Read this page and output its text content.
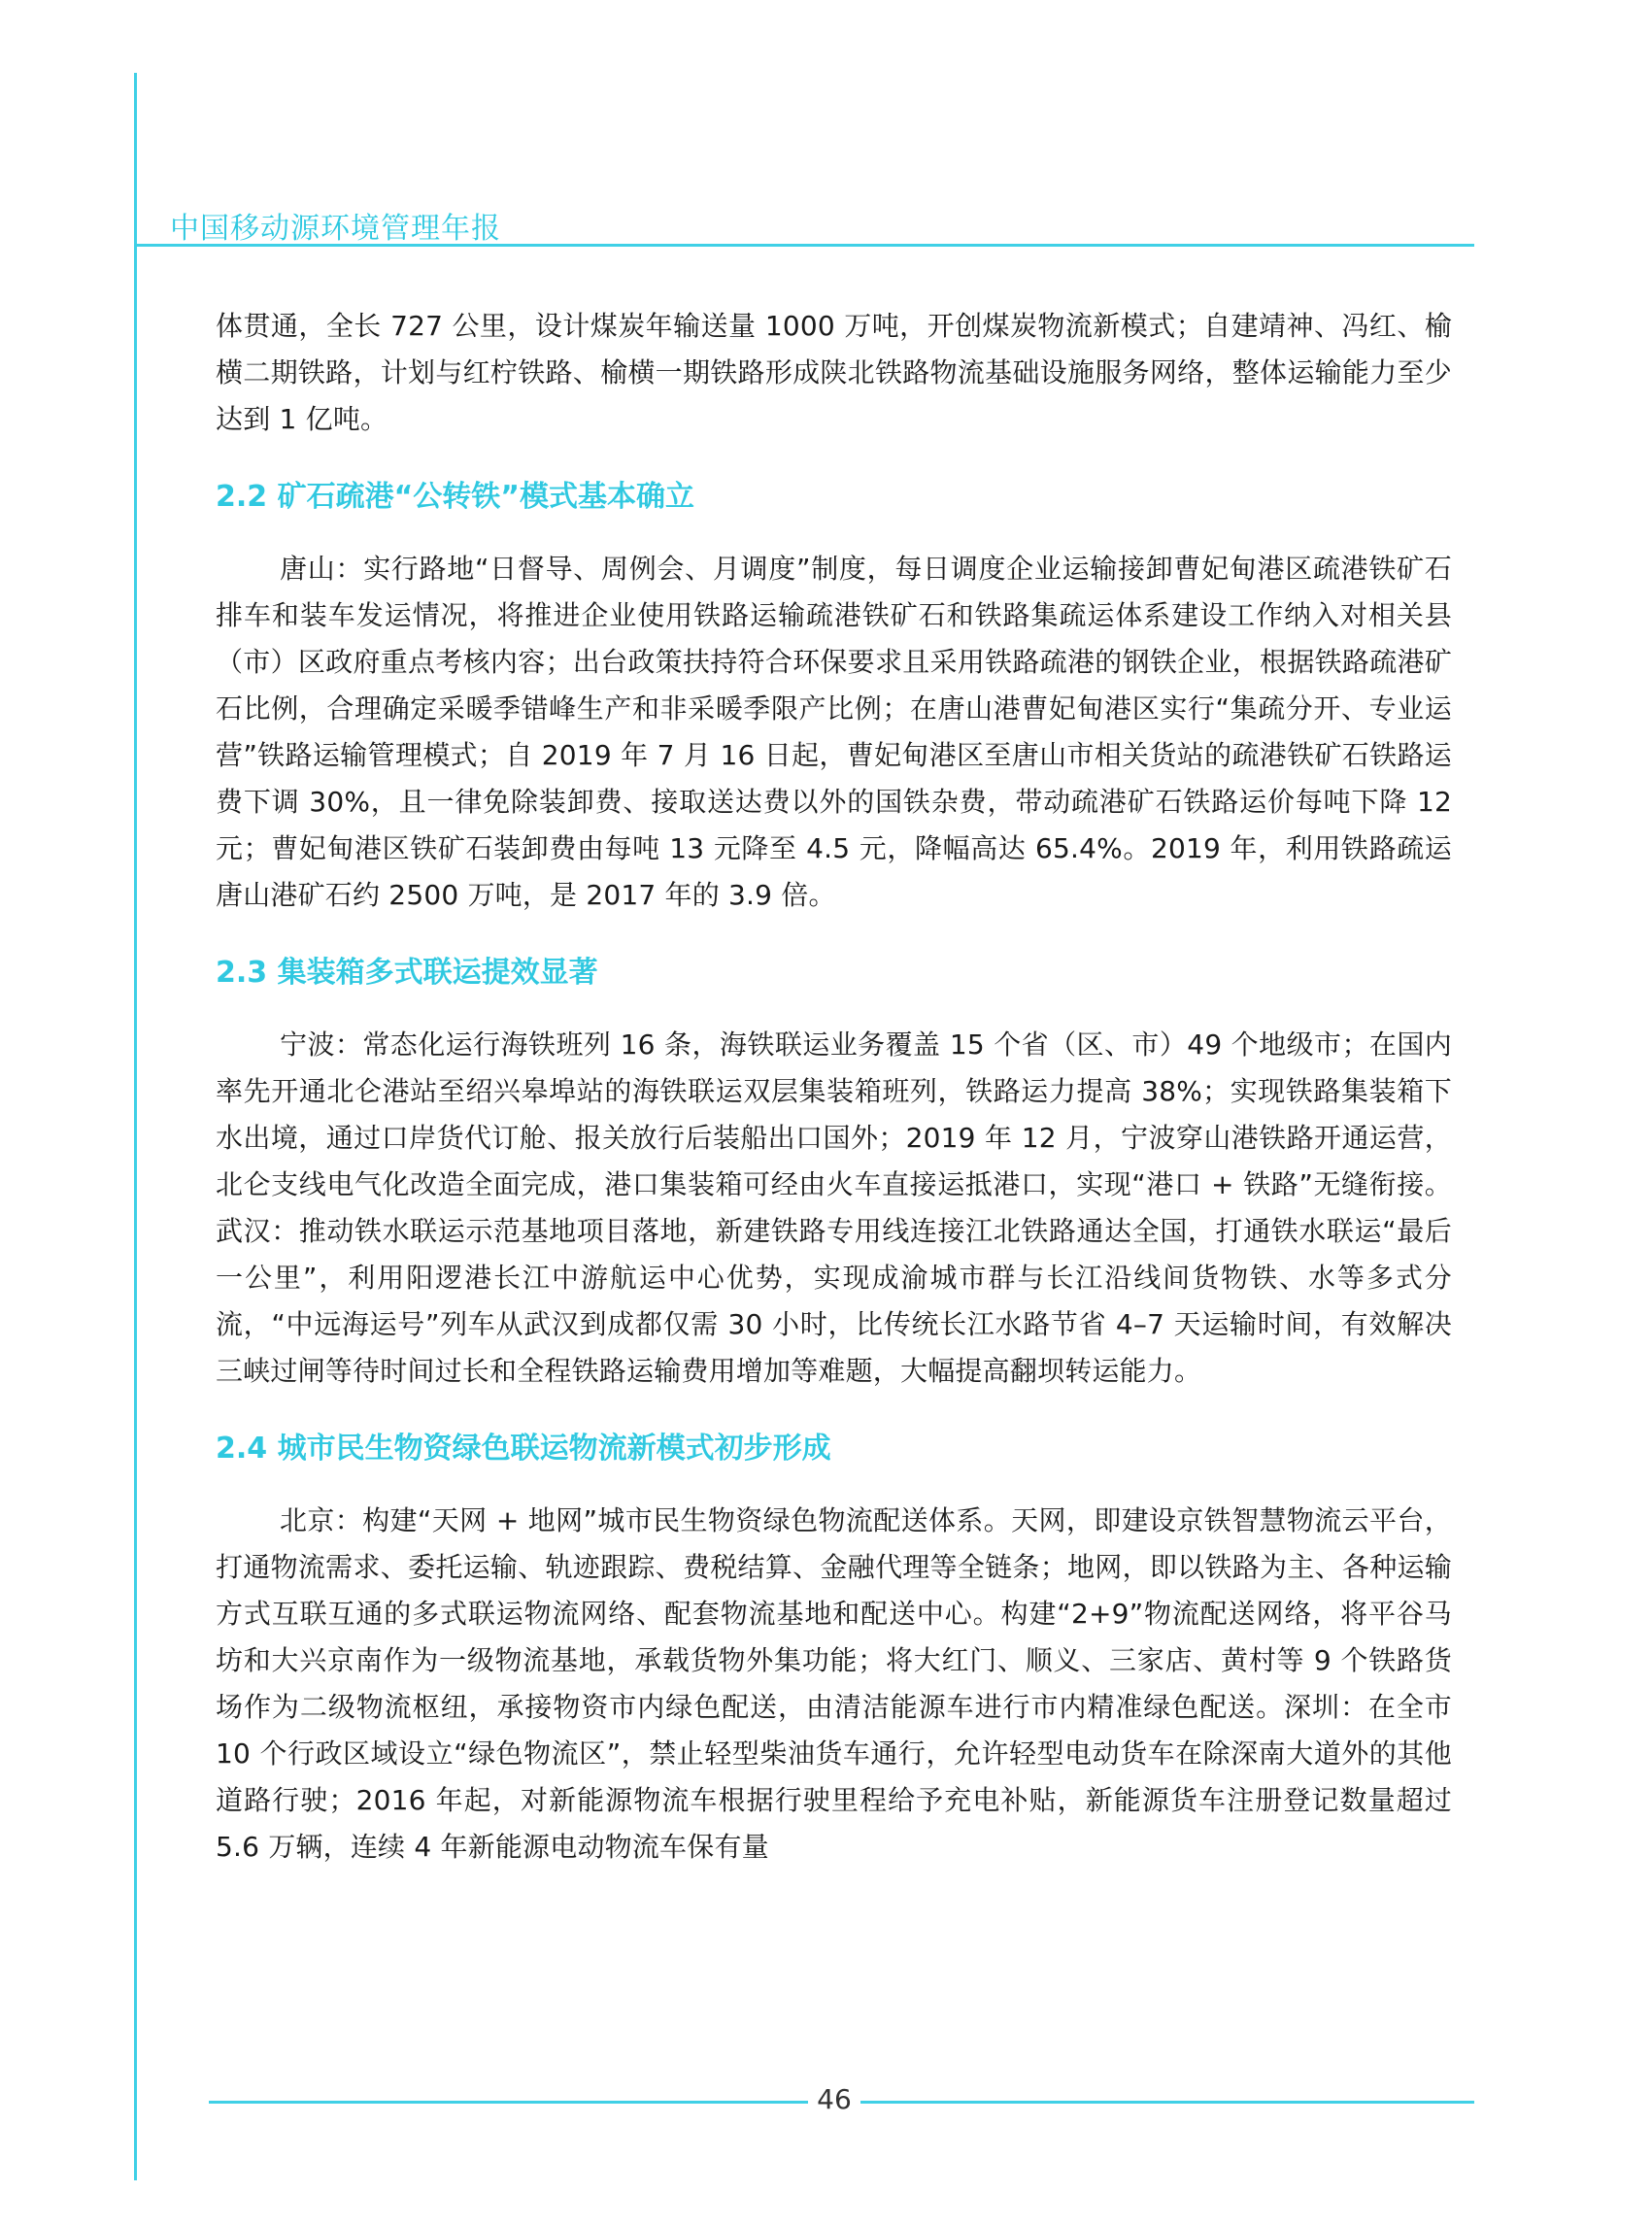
中国移动源环境管理年报

体贯通，全长 727 公里，设计煤炭年输送量 1000 万吨，开创煤炭物流新模式；自建靖神、冯红、榆横二期铁路，计划与红柠铁路、榆横一期铁路形成陕北铁路物流基础设施服务网络，整体运输能力至少达到 1 亿吨。

2.2 矿石疏港“公转铁”模式基本确立

唐山：实行路地“日督导、周例会、月调度”制度，每日调度企业运输接卸曹妃甸港区疏港铁矿石排车和装车发运情况，将推进企业使用铁路运输疏港铁矿石和铁路集疏运体系建设工作纳入对相关县（市）区政府重点考核内容；出台政策扶持符合环保要求且采用铁路疏港的钢铁企业，根据铁路疏港矿石比例，合理确定采暖季错峰生产和非采暖季限产比例；在唐山港曹妃甸港区实行“集疏分开、专业运营”铁路运输管理模式；自 2019 年 7 月 16 日起，曹妃甸港区至唐山市相关货站的疏港铁矿石铁路运费下调 30%，且一律免除装卸费、接取送达费以外的国铁杂费，带动疏港矿石铁路运价每吨下降 12 元；曹妃甸港区铁矿石装卸费由每吨 13 元降至 4.5 元，降幅高达 65.4%。2019 年，利用铁路疏运唐山港矿石约 2500 万吨，是 2017 年的 3.9 倍。

2.3 集装箱多式联运提效显著

宁波：常态化运行海铁班列 16 条，海铁联运业务覆盖 15 个省（区、市）49 个地级市；在国内率先开通北仑港站至绍兴皋埠站的海铁联运双层集装箱班列，铁路运力提高 38%；实现铁路集装箱下水出境，通过口岸货代订舱、报关放行后装船出口国外；2019 年 12 月，宁波穿山港铁路开通运营，北仑支线电气化改造全面完成，港口集装箱可经由火车直接运抵港口，实现“港口 + 铁路”无缝衔接。武汉：推动铁水联运示范基地项目落地，新建铁路专用线连接江北铁路通达全国，打通铁水联运“最后一公里”，利用阳逻港长江中游航运中心优势，实现成渝城市群与长江沿线间货物铁、水等多式分流，“中远海运号”列车从武汉到成都仅需 30 小时，比传统长江水路节省 4–7 天运输时间，有效解决三峡过闸等待时间过长和全程铁路运输费用增加等难题，大幅提高翻坝转运能力。

2.4 城市民生物资绿色联运物流新模式初步形成

北京：构建“天网 + 地网”城市民生物资绿色物流配送体系。天网，即建设京铁智慧物流云平台，打通物流需求、委托运输、轨迹跟踪、费税结算、金融代理等全链条；地网，即以铁路为主、各种运输方式互联互通的多式联运物流网络、配套物流基地和配送中心。构建“2+9”物流配送网络，将平谷马坊和大兴京南作为一级物流基地，承载货物外集功能；将大红门、顺义、三家店、黄村等 9 个铁路货场作为二级物流枢纽，承接物资市内绿色配送，由清洁能源车进行市内精准绿色配送。深圳：在全市 10 个行政区域设立“绿色物流区”，禁止轻型柴油货车通行，允许轻型电动货车在除深南大道外的其他道路行驶；2016 年起，对新能源物流车根据行驶里程给予充电补贴，新能源货车注册登记数量超过 5.6 万辆，连续 4 年新能源电动物流车保有量

46
